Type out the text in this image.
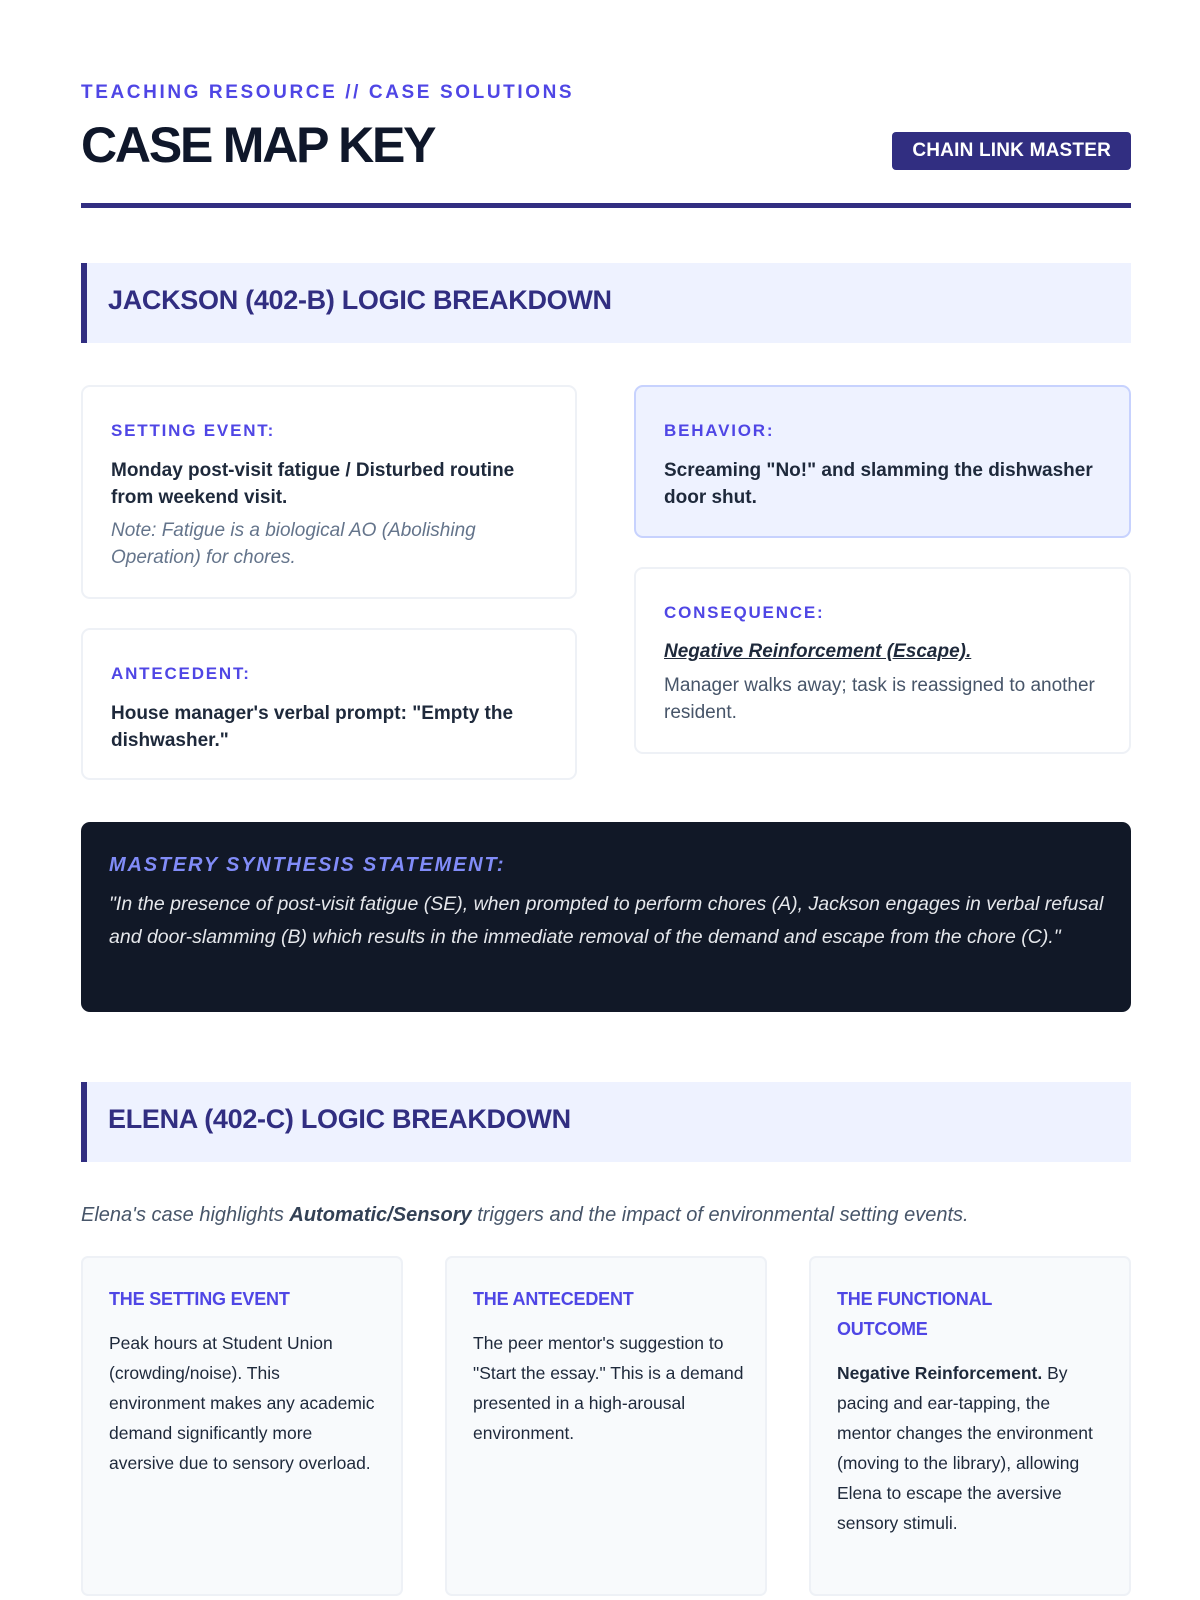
TEACHING RESOURCE // CASE SOLUTIONS
CASE MAP KEY	CHAIN LINK MASTER
JACKSON (402-B) LOGIC BREAKDOWN
SETTING EVENT:
Monday post-visit fatigue / Disturbed routine from weekend visit.
Note: Fatigue is a biological AO (Abolishing Operation) for chores.
ANTECEDENT:
House manager's verbal prompt: "Empty the dishwasher."
BEHAVIOR:
Screaming "No!" and slamming the dishwasher door shut.
CONSEQUENCE:
Negative Reinforcement (Escape).
Manager walks away; task is reassigned to another resident.
MASTERY SYNTHESIS STATEMENT:
"In the presence of post-visit fatigue (SE), when prompted to perform chores (A), Jackson engages in verbal refusal and door-slamming (B) which results in the immediate removal of the demand and escape from the chore (C)."
ELENA (402-C) LOGIC BREAKDOWN
Elena's case highlights Automatic/Sensory triggers and the impact of environmental setting events.
THE SETTING EVENT
Peak hours at Student Union (crowding/noise). This environment makes any academic demand significantly more aversive due to sensory overload.
THE ANTECEDENT
The peer mentor's suggestion to "Start the essay." This is a demand presented in a high-arousal environment.
THE FUNCTIONAL OUTCOME
Negative Reinforcement. By pacing and ear-tapping, the mentor changes the environment (moving to the library), allowing Elena to escape the aversive sensory stimuli.
